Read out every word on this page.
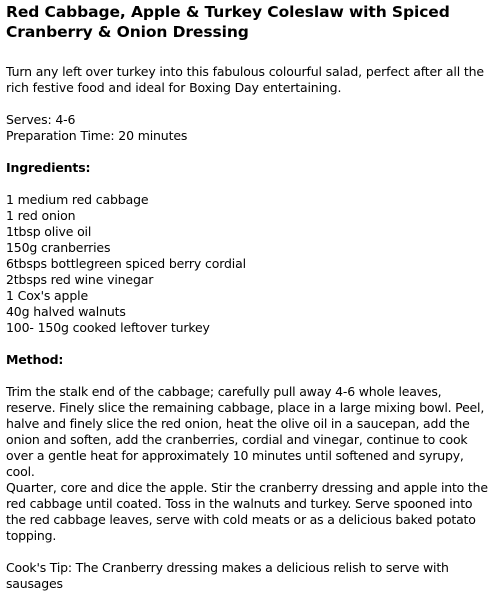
Red Cabbage, Apple & Turkey Coleslaw with Spiced Cranberry & Onion Dressing

Turn any left over turkey into this fabulous colourful salad, perfect after all the rich festive food and ideal for Boxing Day entertaining.

Serves: 4-6
Preparation Time: 20 minutes
Ingredients:
1 medium red cabbage
1 red onion
1tbsp olive oil
150g cranberries
6tbsps bottlegreen spiced berry cordial
2tbsps red wine vinegar
1 Cox's apple
40g halved walnuts
100- 150g cooked leftover turkey
Method:

Trim the stalk end of the cabbage; carefully pull away 4-6 whole leaves, reserve. Finely slice the remaining cabbage, place in a large mixing bowl. Peel, halve and finely slice the red onion, heat the olive oil in a saucepan, add the onion and soften, add the cranberries, cordial and vinegar, continue to cook over a gentle heat for approximately 10 minutes until softened and syrupy, cool.

Quarter, core and dice the apple. Stir the cranberry dressing and apple into the red cabbage until coated. Toss in the walnuts and turkey. Serve spooned into the red cabbage leaves, serve with cold meats or as a delicious baked potato topping.

Cook's Tip: The Cranberry dressing makes a delicious relish to serve with sausages
